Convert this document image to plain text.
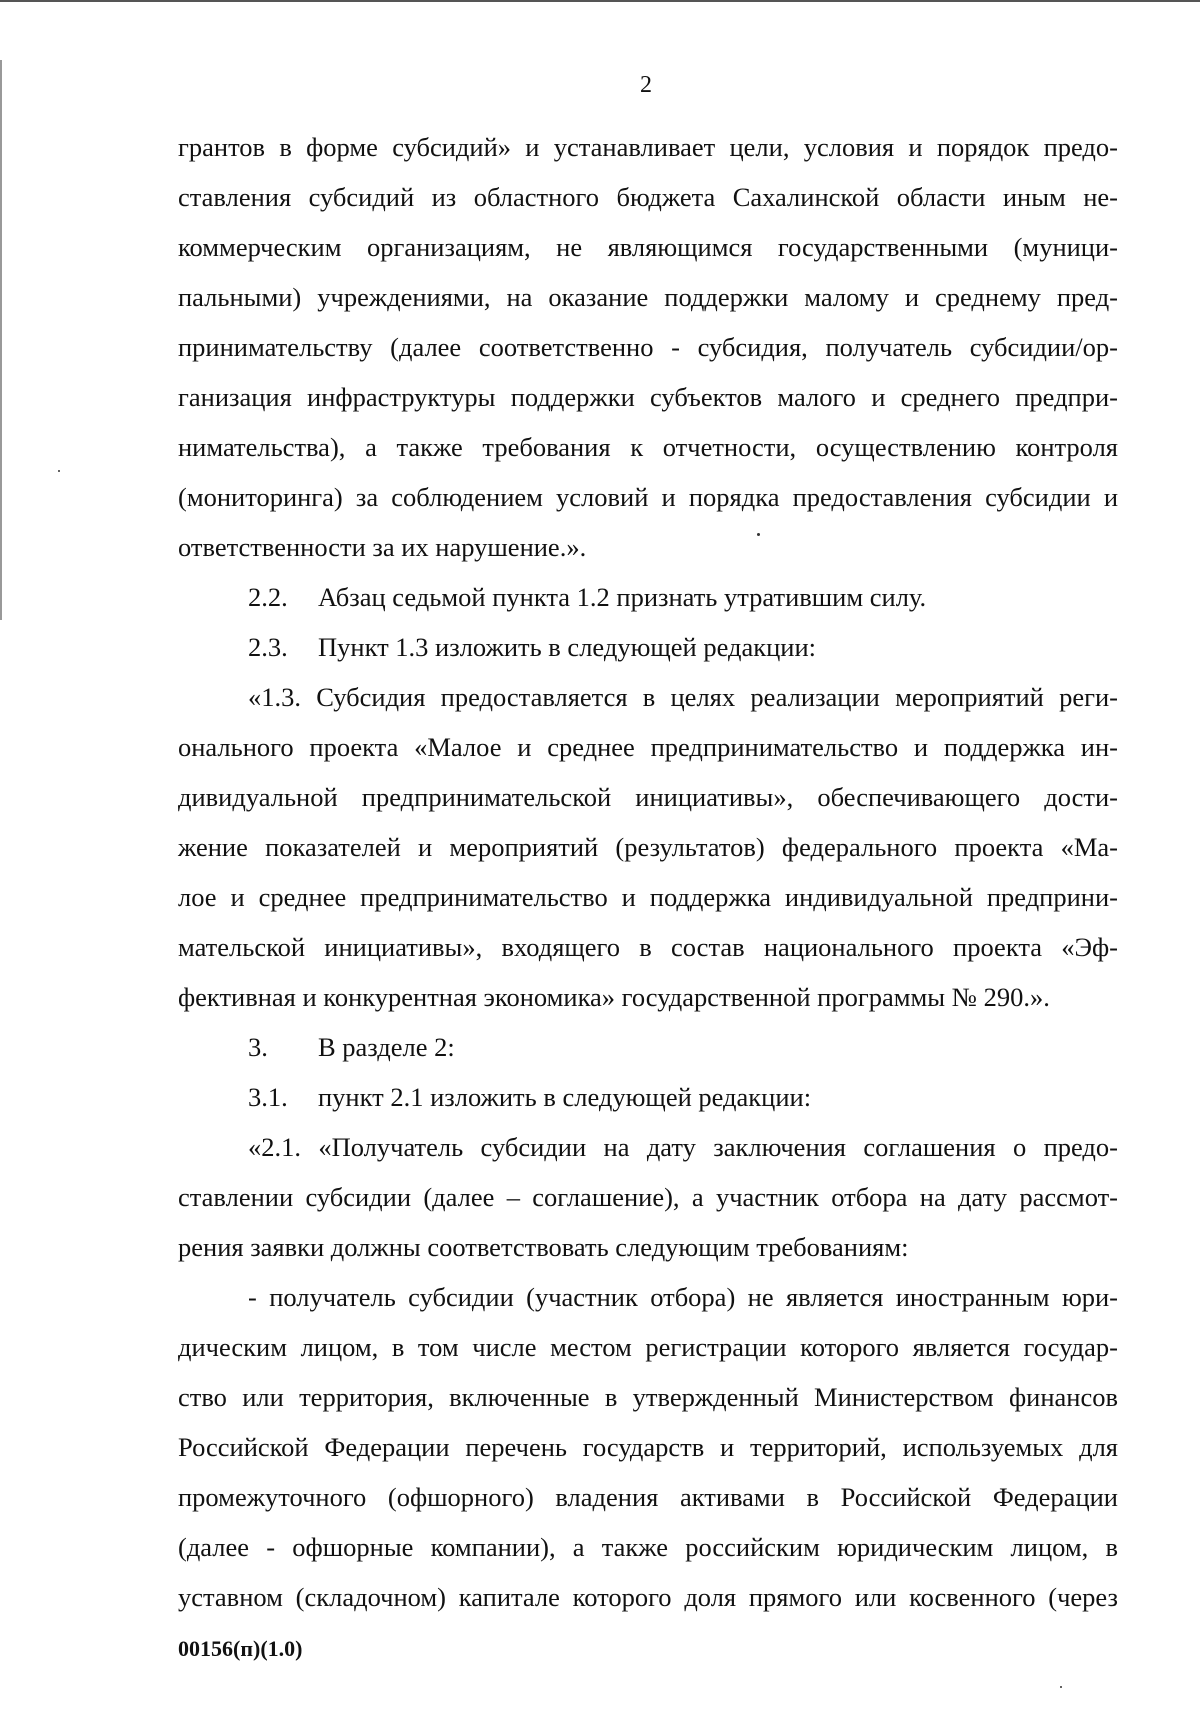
2

грантов в форме субсидий» и устанавливает цели, условия и порядок предо-
ставления субсидий из областного бюджета Сахалинской области иным не-
коммерческим организациям, не являющимся государственными (муници-
пальными) учреждениями, на оказание поддержки малому и среднему пред-
принимательству (далее соответственно - субсидия, получатель субсидии/ор-
ганизация инфраструктуры поддержки субъектов малого и среднего предпри-
нимательства), а также требования к отчетности, осуществлению контроля
(мониторинга) за соблюдением условий и порядка предоставления субсидии и
ответственности за их нарушение.».

2.2. Абзац седьмой пункта 1.2 признать утратившим силу.

2.3. Пункт 1.3 изложить в следующей редакции:

«1.3. Субсидия предоставляется в целях реализации мероприятий реги-
онального проекта «Малое и среднее предпринимательство и поддержка ин-
дивидуальной предпринимательской инициативы», обеспечивающего дости-
жение показателей и мероприятий (результатов) федерального проекта «Ма-
лое и среднее предпринимательство и поддержка индивидуальной предприни-
мательской инициативы», входящего в состав национального проекта «Эф-
фективная и конкурентная экономика» государственной программы № 290.».

3. В разделе 2:

3.1. пункт 2.1 изложить в следующей редакции:

«2.1. «Получатель субсидии на дату заключения соглашения о предо-
ставлении субсидии (далее – соглашение), а участник отбора на дату рассмот-
рения заявки должны соответствовать следующим требованиям:

- получатель субсидии (участник отбора) не является иностранным юри-
дическим лицом, в том числе местом регистрации которого является государ-
ство или территория, включенные в утвержденный Министерством финансов
Российской Федерации перечень государств и территорий, используемых для
промежуточного (офшорного) владения активами в Российской Федерации
(далее - офшорные компании), а также российским юридическим лицом, в
уставном (складочном) капитале которого доля прямого или косвенного (через

00156(п)(1.0)
